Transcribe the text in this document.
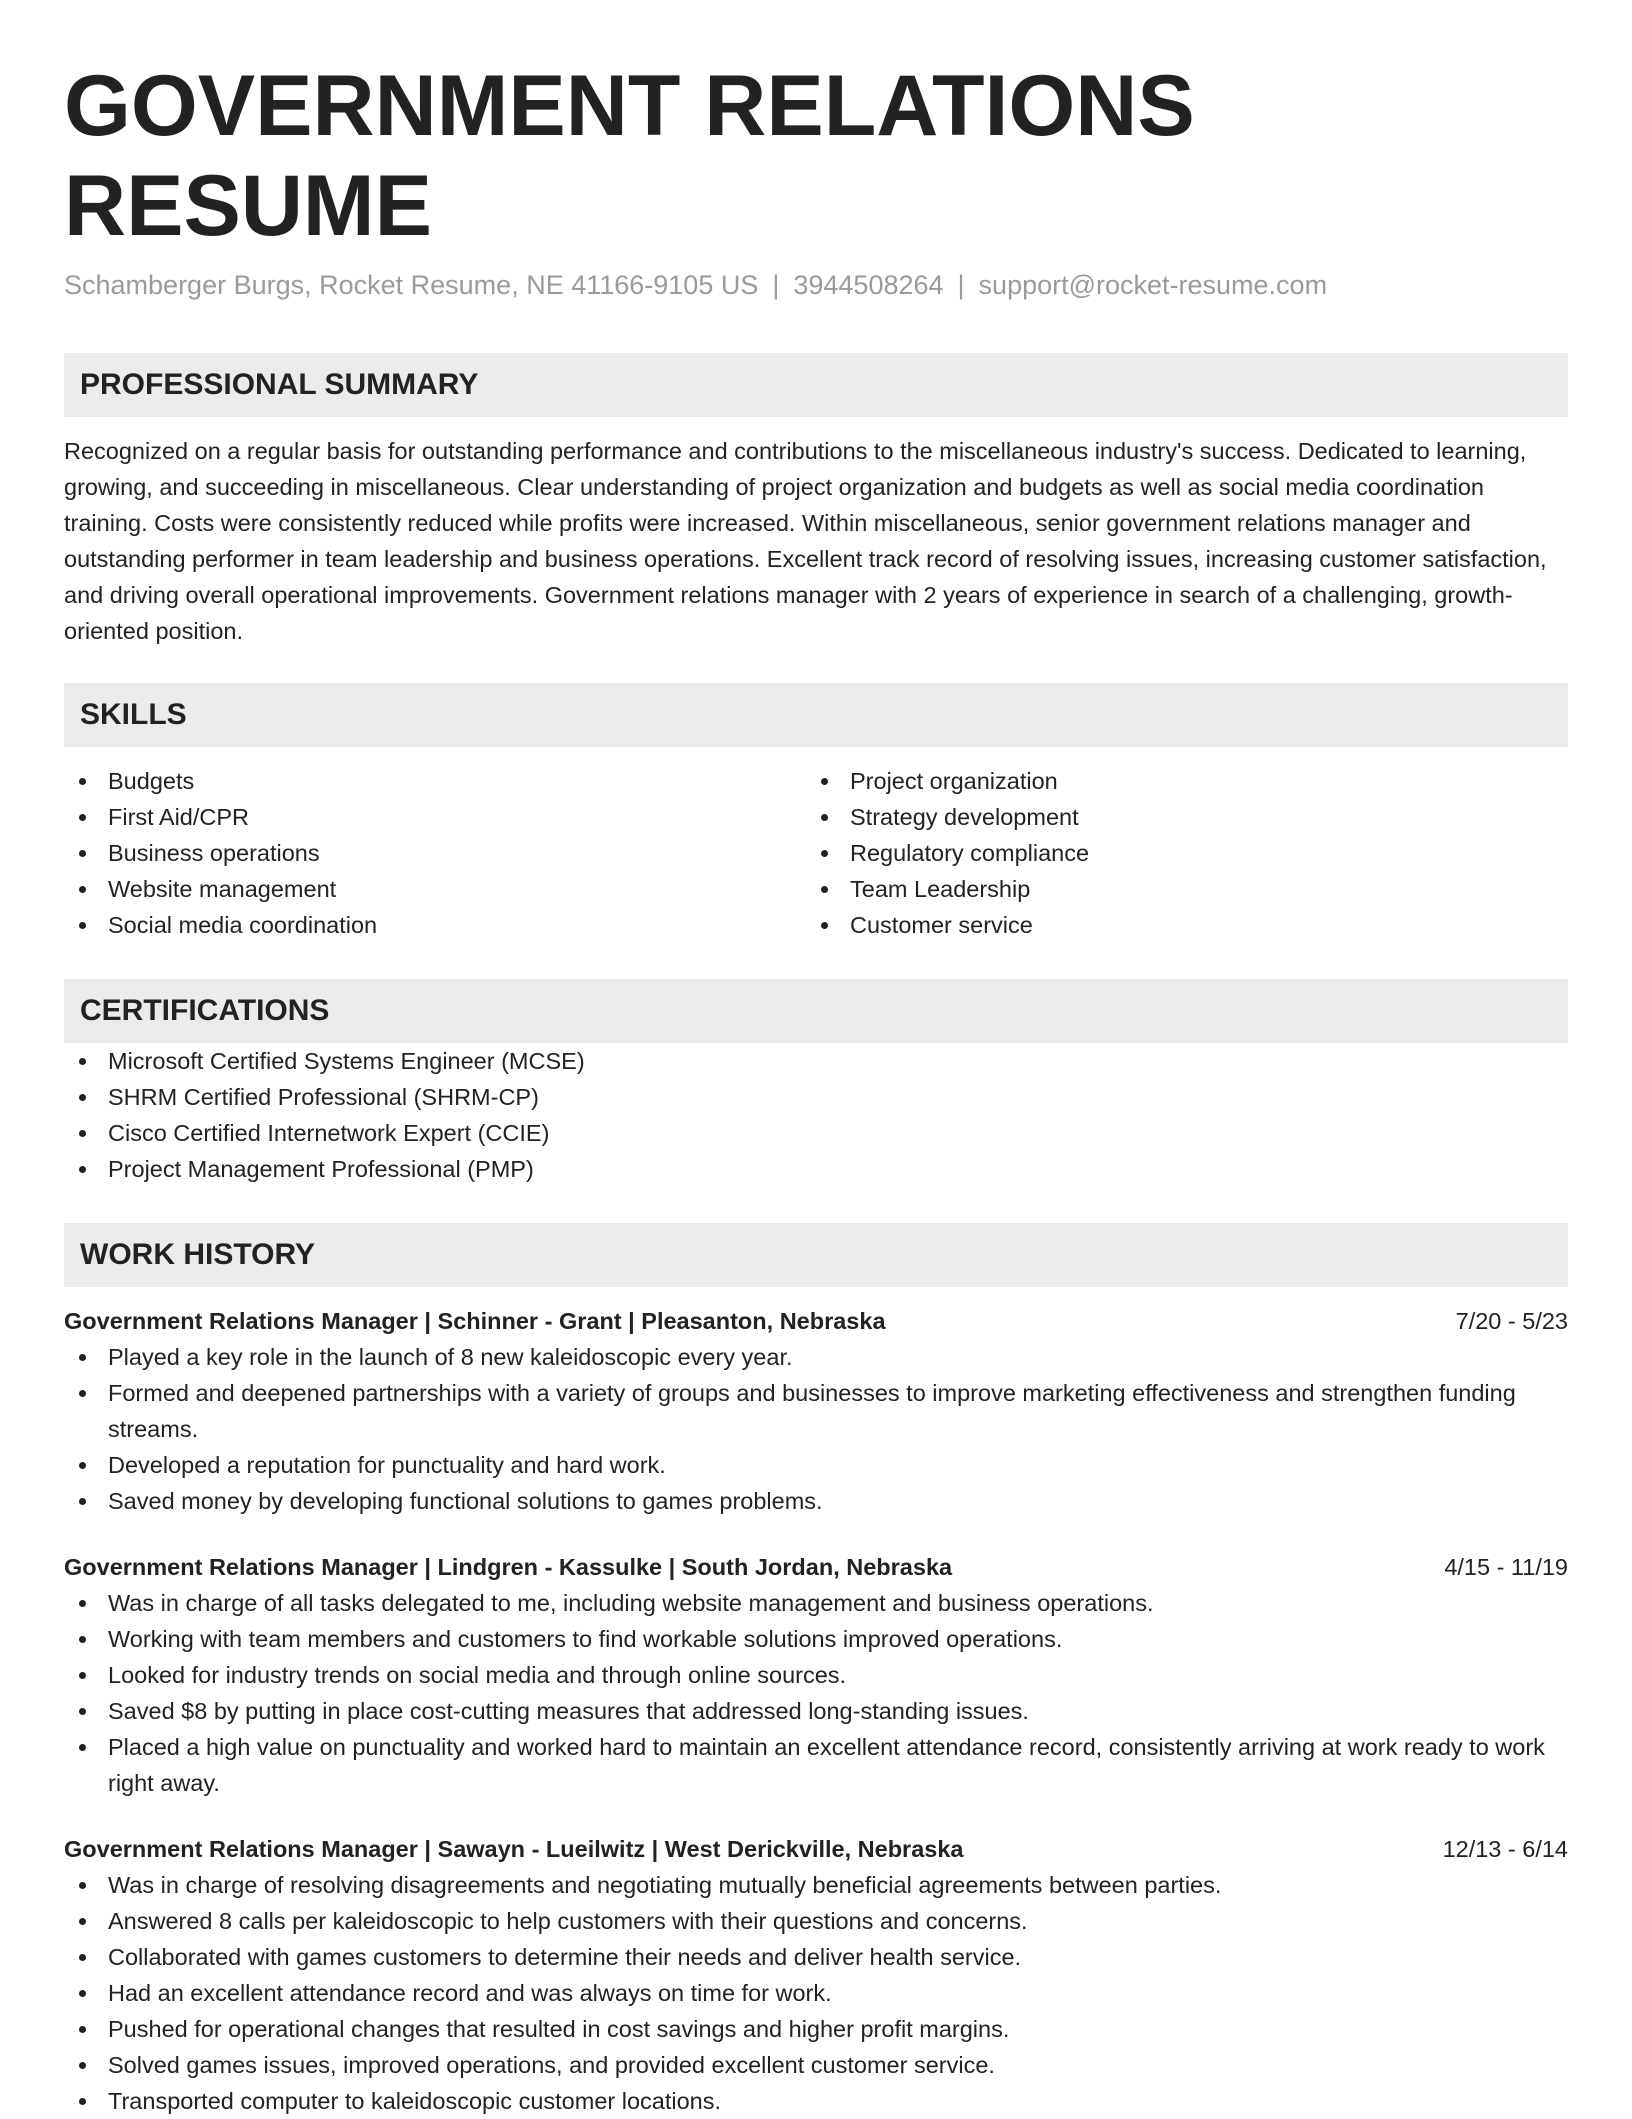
GOVERNMENT RELATIONS RESUME
Schamberger Burgs, Rocket Resume, NE 41166-9105 US | 3944508264 | support@rocket-resume.com
PROFESSIONAL SUMMARY

Recognized on a regular basis for outstanding performance and contributions to the miscellaneous industry's success. Dedicated to learning, growing, and succeeding in miscellaneous. Clear understanding of project organization and budgets as well as social media coordination training. Costs were consistently reduced while profits were increased. Within miscellaneous, senior government relations manager and outstanding performer in team leadership and business operations. Excellent track record of resolving issues, increasing customer satisfaction, and driving overall operational improvements. Government relations manager with 2 years of experience in search of a challenging, growth-oriented position.

SKILLS
Budgets
First Aid/CPR
Business operations
Website management
Social media coordination
Project organization
Strategy development
Regulatory compliance
Team Leadership
Customer service
CERTIFICATIONS
Microsoft Certified Systems Engineer (MCSE)
SHRM Certified Professional (SHRM-CP)
Cisco Certified Internetwork Expert (CCIE)
Project Management Professional (PMP)
WORK HISTORY
Government Relations Manager | Schinner - Grant | Pleasanton, Nebraska	7/20 - 5/23
Played a key role in the launch of 8 new kaleidoscopic every year.
Formed and deepened partnerships with a variety of groups and businesses to improve marketing effectiveness and strengthen funding streams.
Developed a reputation for punctuality and hard work.
Saved money by developing functional solutions to games problems.
Government Relations Manager | Lindgren - Kassulke | South Jordan, Nebraska	4/15 - 11/19
Was in charge of all tasks delegated to me, including website management and business operations.
Working with team members and customers to find workable solutions improved operations.
Looked for industry trends on social media and through online sources.
Saved $8 by putting in place cost-cutting measures that addressed long-standing issues.
Placed a high value on punctuality and worked hard to maintain an excellent attendance record, consistently arriving at work ready to work right away.
Government Relations Manager | Sawayn - Lueilwitz | West Derickville, Nebraska	12/13 - 6/14
Was in charge of resolving disagreements and negotiating mutually beneficial agreements between parties.
Answered 8 calls per kaleidoscopic to help customers with their questions and concerns.
Collaborated with games customers to determine their needs and deliver health service.
Had an excellent attendance record and was always on time for work.
Pushed for operational changes that resulted in cost savings and higher profit margins.
Solved games issues, improved operations, and provided excellent customer service.
Transported computer to kaleidoscopic customer locations.
